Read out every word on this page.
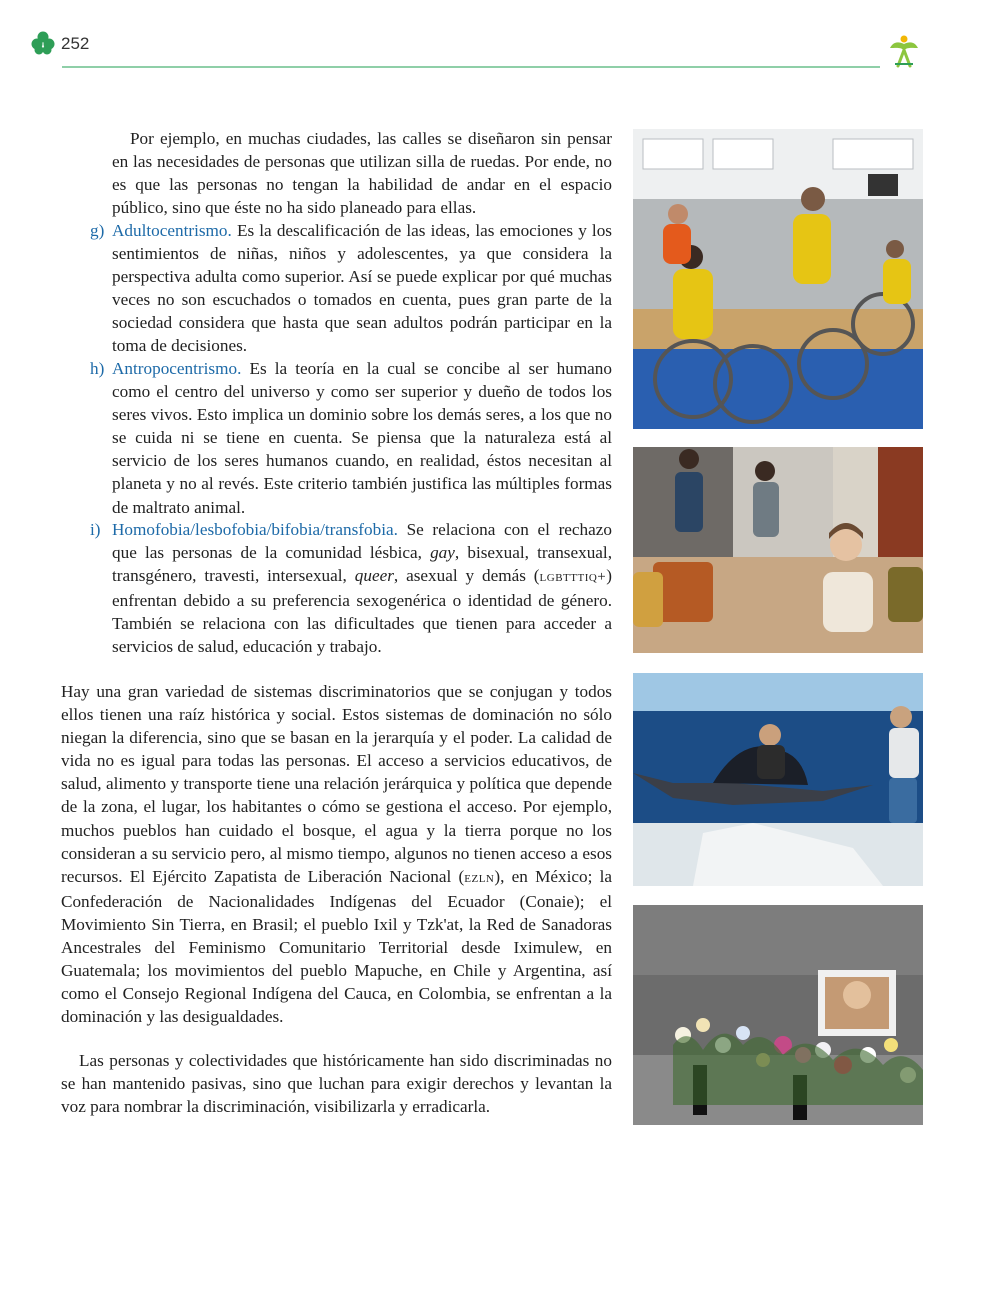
252
Por ejemplo, en muchas ciudades, las calles se diseñaron sin pensar en las necesidades de personas que utilizan silla de ruedas. Por ende, no es que las personas no tengan la habilidad de andar en el espacio público, sino que éste no ha sido planeado para ellas.
g) Adultocentrismo. Es la descalificación de las ideas, las emociones y los sentimientos de niñas, niños y adolescentes, ya que considera la perspectiva adulta como superior. Así se puede explicar por qué muchas veces no son escuchados o tomados en cuenta, pues gran parte de la sociedad considera que hasta que sean adultos podrán participar en la toma de decisiones.
h) Antropocentrismo. Es la teoría en la cual se concibe al ser humano como el centro del universo y como ser superior y dueño de todos los seres vivos. Esto implica un dominio sobre los demás seres, a los que no se cuida ni se tiene en cuenta. Se piensa que la naturaleza está al servicio de los seres humanos cuando, en realidad, éstos necesitan al planeta y no al revés. Este criterio también justifica las múltiples formas de maltrato animal.
i) Homofobia/lesbofobia/bifobia/transfobia. Se relaciona con el rechazo que las personas de la comunidad lésbica, gay, bisexual, transexual, transgénero, travesti, intersexual, queer, asexual y demás (lgbtttiq+) enfrentan debido a su preferencia sexogenérica o identidad de género. También se relaciona con las dificultades que tienen para acceder a servicios de salud, educación y trabajo.
Hay una gran variedad de sistemas discriminatorios que se conjugan y todos ellos tienen una raíz histórica y social. Estos sistemas de dominación no sólo niegan la diferencia, sino que se basan en la jerarquía y el poder. La calidad de vida no es igual para todas las personas. El acceso a servicios educativos, de salud, alimento y transporte tiene una relación jerárquica y política que depende de la zona, el lugar, los habitantes o cómo se gestiona el acceso. Por ejemplo, muchos pueblos han cuidado el bosque, el agua y la tierra porque no los consideran a su servicio pero, al mismo tiempo, algunos no tienen acceso a esos recursos. El Ejército Zapatista de Liberación Nacional (ezln), en México; la Confederación de Nacionalidades Indígenas del Ecuador (Conaie); el Movimiento Sin Tierra, en Brasil; el pueblo Ixil y Tzk'at, la Red de Sanadoras Ancestrales del Feminismo Comunitario Territorial desde Iximulew, en Guatemala; los movimientos del pueblo Mapuche, en Chile y Argentina, así como el Consejo Regional Indígena del Cauca, en Colombia, se enfrentan a la dominación y las desigualdades.
Las personas y colectividades que históricamente han sido discriminadas no se han mantenido pasivas, sino que luchan para exigir derechos y levantan la voz para nombrar la discriminación, visibilizarla y erradicarla.
